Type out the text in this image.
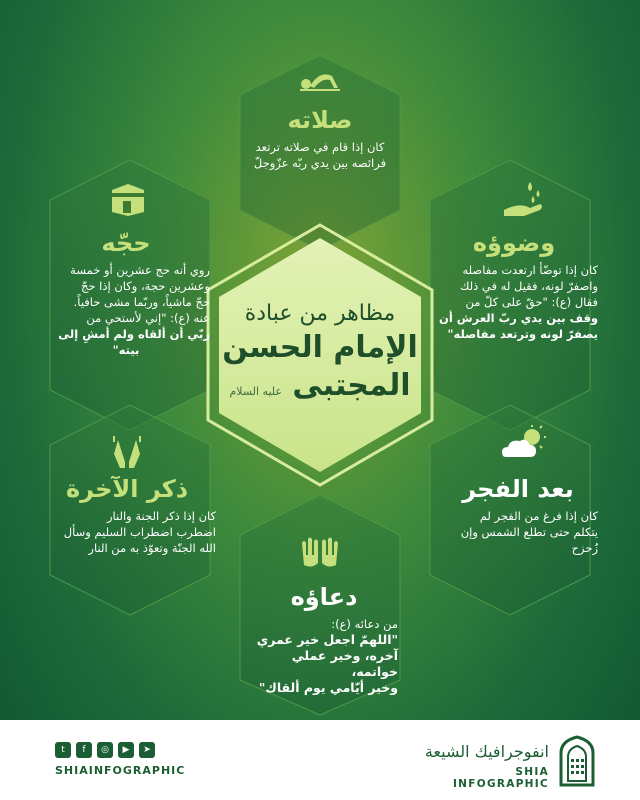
صلاته
كان إذا قام في صلاته ترتعد
فرائصه بين يدي ربّه عزّوجلّ
حجّه
روي أنه حج عشرين أو خمسة
وعشرين حجة، وكان إذا حجّ
حجّ ماشياً، وربّما مشى حافياً.
عنه (ع): "إني لأستحي من
ربّي أن ألقاه ولم أمشِ إلى
بيته"
وضوؤه
كان إذا توضّأ ارتعدت مفاصله
واصفرّ لونه، فقيل له في ذلك
فقال (ع): "حقّ على كلّ من
وقف بين يدي ربّ العرش أن
يصفرّ لونه وترتعد مفاصله"
ذكر الآخرة
كان إذا ذكر الجنة والنار
اضطرب اضطراب السليم وسأل
الله الجنّة وتعوّذ به من النار
بعد الفجر
كان إذا فرغ من الفجر لم
يتكلم حتى تطلع الشمس وإن
زُحزح
دعاؤه
من دعائه (ع):
"اللهمّ اجعل خير عمري
آخره، وخير عملي خواتمه،
وخير أيّامي يوم ألقاك"
مظاهر من عبادة
الإمام الحسن
المجتبى عليه السلام
t	f	◎	▶	➤
SHIAINFOGRAPHIC
انفوجرافيك الشيعة
SHIA INFOGRAPHIC
